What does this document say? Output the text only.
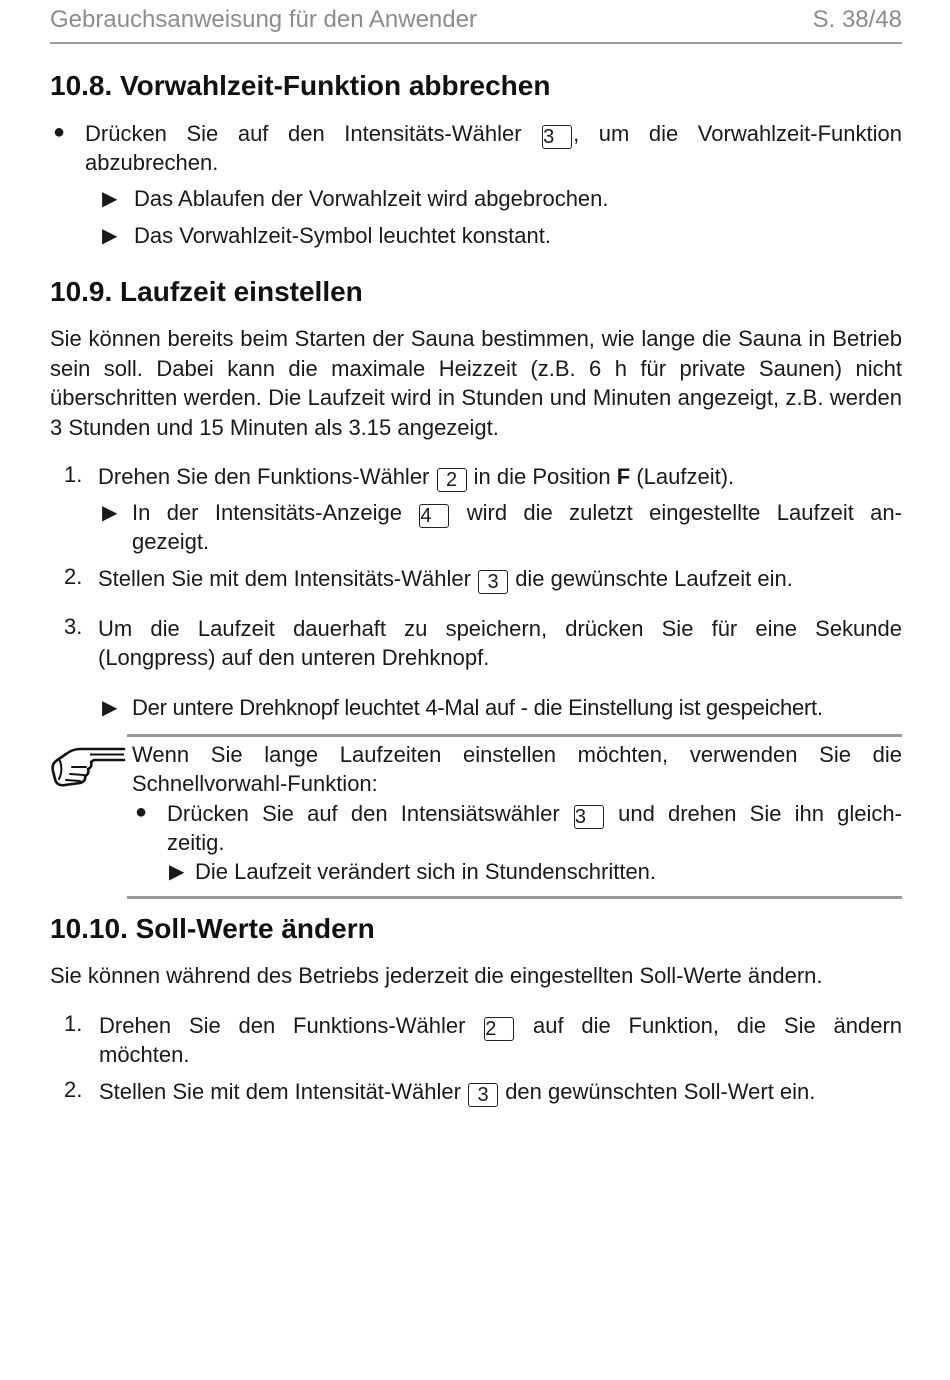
Gebrauchsanweisung für den Anwender	S. 38/48
10.8. Vorwahlzeit-Funktion abbrechen
● Drücken Sie auf den Intensitäts-Wähler 3 , um die Vorwahlzeit-Funktion
abzubrechen.
▶ Das Ablaufen der Vorwahlzeit wird abgebrochen.
▶ Das Vorwahlzeit-Symbol leuchtet konstant.
10.9. Laufzeit einstellen
Sie können bereits beim Starten der Sauna bestimmen, wie lange die Sauna in Betrieb sein soll. Dabei kann die maximale Heizzeit (z.B. 6 h für private Saunen) nicht überschritten werden. Die Laufzeit wird in Stunden und Minuten angezeigt, z.B. werden 3 Stunden und 15 Minuten als 3.15 angezeigt.
1. Drehen Sie den Funktions-Wähler 2 in die Position F (Laufzeit).
▶ In der Intensitäts-Anzeige 4 wird die zuletzt eingestellte Laufzeit an-
gezeigt.
2. Stellen Sie mit dem Intensitäts-Wähler 3 die gewünschte Laufzeit ein.
3. Um die Laufzeit dauerhaft zu speichern, drücken Sie für eine Sekunde
(Longpress) auf den unteren Drehknopf.
▶ Der untere Drehknopf leuchtet 4-Mal auf - die Einstellung ist gespeichert.
Wenn Sie lange Laufzeiten einstellen möchten, verwenden Sie die
Schnellvorwahl-Funktion:
● Drücken Sie auf den Intensiätswähler 3 und drehen Sie ihn gleich-
zeitig.
▶ Die Laufzeit verändert sich in Stundenschritten.
10.10. Soll-Werte ändern
Sie können während des Betriebs jederzeit die eingestellten Soll-Werte ändern.
1. Drehen Sie den Funktions-Wähler 2 auf die Funktion, die Sie ändern
möchten.
2. Stellen Sie mit dem Intensität-Wähler 3 den gewünschten Soll-Wert ein.
